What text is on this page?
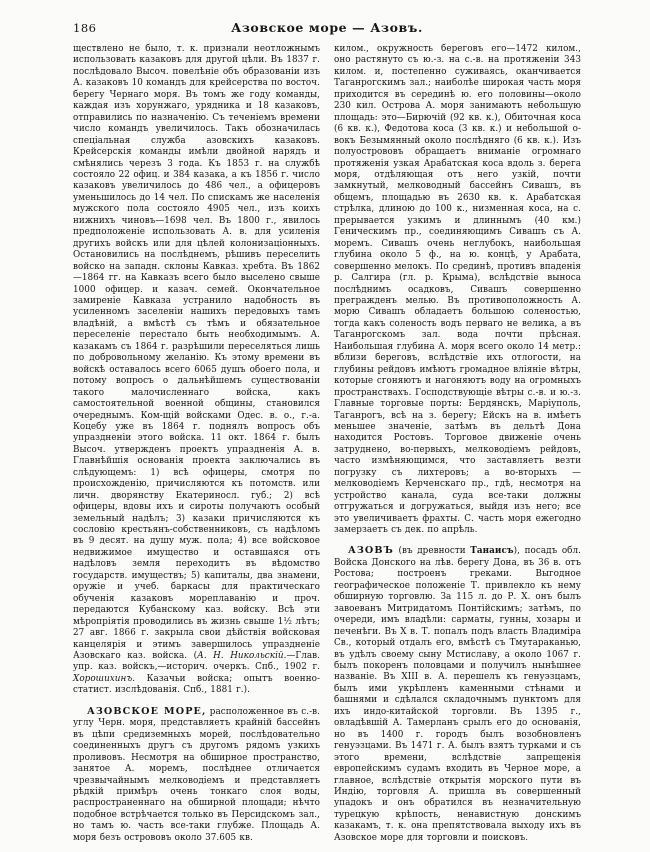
186	Азовское море — Азовъ.

ществлено не было, т. к. признали неотложнымъ использовать казаковъ для другой цѣли. Въ 1837 г. послѣдовало Высоч. повелѣніе объ образованіи изъ А. казаковъ 10 командъ для крейсерства по восточ. берегу Чернаго моря. Въ томъ же году команды, каждая изъ хорунжаго, урядника и 18 казаковъ, отправились по назначенію. Съ теченіемъ времени число командъ увеличилось. Такъ обозначилась спеціальная служба азовскихъ казаковъ. Крейсерскія команды имѣли двойной нарядъ и смѣнялись черезъ 3 года. Къ 1853 г. на службѣ состояло 22 офиц. и 384 казака, а къ 1856 г. число казаковъ увеличилось до 486 чел., а офицеровъ уменьшилось до 14 чел. По спискамъ же населенія мужского пола состояло 4905 чел., изъ коихъ нижнихъ чиновъ—1698 чел. Въ 1800 г., явилось предположеніе использовать А. в. для усиленія другихъ войскъ или для цѣлей колонизаціонныхъ. Остановились на послѣднемъ, рѣшивъ переселить войско на западн. склоны Кавказ. хребта. Въ 1862—1864 гг. на Кавказъ всего было выселено свыше 1000 офицер. и казач. семей. Окончательное замиреніе Кавказа устранило надобность въ усиленномъ заселеніи нашихъ передовыхъ тамъ владѣній, а вмѣстѣ съ тѣмъ и обязательное переселеніе перестало быть необходимымъ. А. казакамъ съ 1864 г. разрѣшили переселяться лишь по добровольному желанію. Къ этому времени въ войскѣ оставалось всего 6065 душъ обоего пола, и потому вопросъ о дальнѣйшемъ существованіи такого малочисленнаго войска, какъ самостоятельной военной общины, становился очереднымъ. Ком-щій войсками Одес. в. о., г.-а. Коцебу уже въ 1864 г. поднялъ вопросъ объ упраздненіи этого войска. 11 окт. 1864 г. былъ Высоч. утвержденъ проектъ упраздненія А. в. Главнѣйшія основанія проекта заключались въ слѣдующемъ: 1) всѣ офицеры, смотря по происхожденію, причисляются къ потомств. или личн. дворянству Екатериносл. губ.; 2) всѣ офицеры, вдовы ихъ и сироты получаютъ особый земельный надѣлъ; 3) казаки причисляются къ сословію крестьянъ-собственниковъ, съ надѣломъ въ 9 десят. на душу муж. пола; 4) все войсковое недвижимое имущество и оставшаяся отъ надѣловъ земля переходитъ въ вѣдомство государств. имуществъ; 5) капиталы, два знамени, оружіе и учеб. баркасы для практическаго обученія казаковъ мореплаванію и проч. передаются Кубанскому каз. войску. Всѣ эти мѣропріятія проводились въ жизнь свыше 1½ лѣтъ; 27 авг. 1866 г. закрыла свои дѣйствія войсковая канцелярія и этимъ завершилось упраздненіе Азовскаго каз. войска. (А. Н. Никольскій.—Глав. упр. каз. войскъ,—историч. очеркъ. Спб., 1902 г. Хорошихинъ. Казачьи войска; опытъ военно-статист. изслѣдованія. Спб., 1881 г.).

АЗОВСКОЕ МОРЕ, расположенное въ с.-в. углу Черн. моря, представляетъ крайній бассейнъ въ цѣпи средиземныхъ морей, послѣдовательно соединенныхъ другъ съ другомъ рядомъ узкихъ проливовъ. Несмотря на обширное пространство, занятое А. моремъ, послѣднее отличается чрезвычайнымъ мелководіемъ и представляетъ рѣдкій примѣръ очень тонкаго слоя воды, распространеннаго на обширной площади; нѣчто подобное встрѣчается только въ Персидскомъ зал., но тамъ ю. часть все-таки глубже. Площадь А. моря безъ острововъ около 37.605 кв.

килом., окружность береговъ его—1472 килом., оно растянуто съ ю.-з. на с.-в. на протяженіи 343 килом. и, постепенно суживаясь, оканчивается Таганрогскимъ зал.; наиболѣе широкая часть моря приходится въ серединѣ ю. его половины—около 230 кил. Острова А. моря занимаютъ небольшую площадь: это—Бирючій (92 кв. к.), Обиточная коса (6 кв. к.), Федотова коса (3 кв. к.) и небольшой о-вокъ Безымянный около послѣдняго (6 кв. к.). Изъ полуострововъ обращаетъ вниманіе огромнаго протяженія узкая Арабатская коса вдоль з. берега моря, отдѣляющая отъ него узкій, почти замкнутый, мелководный бассейнъ Сивашъ, въ общемъ, площадью въ 2630 кв. к. Арабатская стрѣлка, длиною до 100 к., низменная коса, на с. прерывается узкимъ и длиннымъ (40 км.) Геническимъ пр., соединяющимъ Сивашъ съ А. моремъ. Сивашъ очень неглубокъ, наибольшая глубина около 5 ф., на ю. концѣ, у Арабата, совершенно мелокъ. По срединѣ, противъ впаденія р. Салгира (гл. р. Крыма), вслѣдствіе выноса послѣднимъ осадковъ, Сивашъ совершенно прегражденъ мелью. Въ противоположность А. морю Сивашъ обладаетъ большою соленостью, тогда какъ соленость водъ перваго не велика, а въ Таганрогскомъ зал. вода почти прѣсная. Наибольшая глубина А. моря всего около 14 метр.: вблизи береговъ, вслѣдствіе ихъ отлогости, на глубины рейдовъ имѣютъ громадное вліяніе вѣтры, которые сгоняютъ и нагоняютъ воду на огромныхъ пространствахъ. Господствующіе вѣтры с.-в. и ю.-з. Главные торговые порты: Бердянскъ, Маріуполь, Таганрогъ, всѣ на з. берегу; Ейскъ на в. имѣетъ меньшее значеніе, затѣмъ въ дельтѣ Дона находится Ростовъ. Торговое движеніе очень затруднено, во-первыхъ, мелководіемъ рейдовъ, часто измѣняющимся, что заставляетъ везти погрузку съ лихтеровъ; а во-вторыхъ — мелководіемъ Керченскаго пр., гдѣ, несмотря на устройство канала, суда все-таки должны отгружаться и догружаться, выйдя изъ него; все это увеличиваетъ фрахты. С. часть моря ежегодно замерзаетъ съ дек. по апрѣль.

АЗОВЪ (въ древности Танаисъ), посадъ обл. Войска Донского на лѣв. берегу Дона, въ 36 в. отъ Ростова; построенъ греками. Выгодное географическое положеніе Т. привлекло къ нему обширную торговлю. За 115 л. до Р. Х. онъ былъ завоеванъ Митридатомъ Понтійскимъ; затѣмъ, по очереди, имъ владѣли: сарматы, гунны, хозары и печенѣги. Въ X в. Т. попалъ подъ власть Владиміра Св., который отдалъ его, вмѣстѣ съ Тмутараканью, въ удѣлъ своему сыну Мстиславу, а около 1067 г. былъ покоренъ половцами и получилъ нынѣшнее названіе. Въ XIII в. А. перешелъ къ генуэзцамъ, былъ ими укрѣпленъ каменными стѣнами и башнями и сдѣлался складочнымъ пунктомъ для ихъ индо-китайской торговли. Въ 1395 г., овладѣвшій А. Тамерланъ срылъ его до основанія, но въ 1400 г. городъ былъ возобновленъ генуэзцами. Въ 1471 г. А. былъ взятъ турками и съ этого времени, вслѣдствіе запрещенія европейскимъ судамъ входить въ Черное море, а главное, вслѣдствіе открытія морского пути въ Индію, торговля А. пришла въ совершенный упадокъ и онъ обратился въ незначительную турецкую крѣпость, ненавистную донскимъ казакамъ, т. к. она препятствовала выходу ихъ въ Азовское море для торговли и поисковъ.
